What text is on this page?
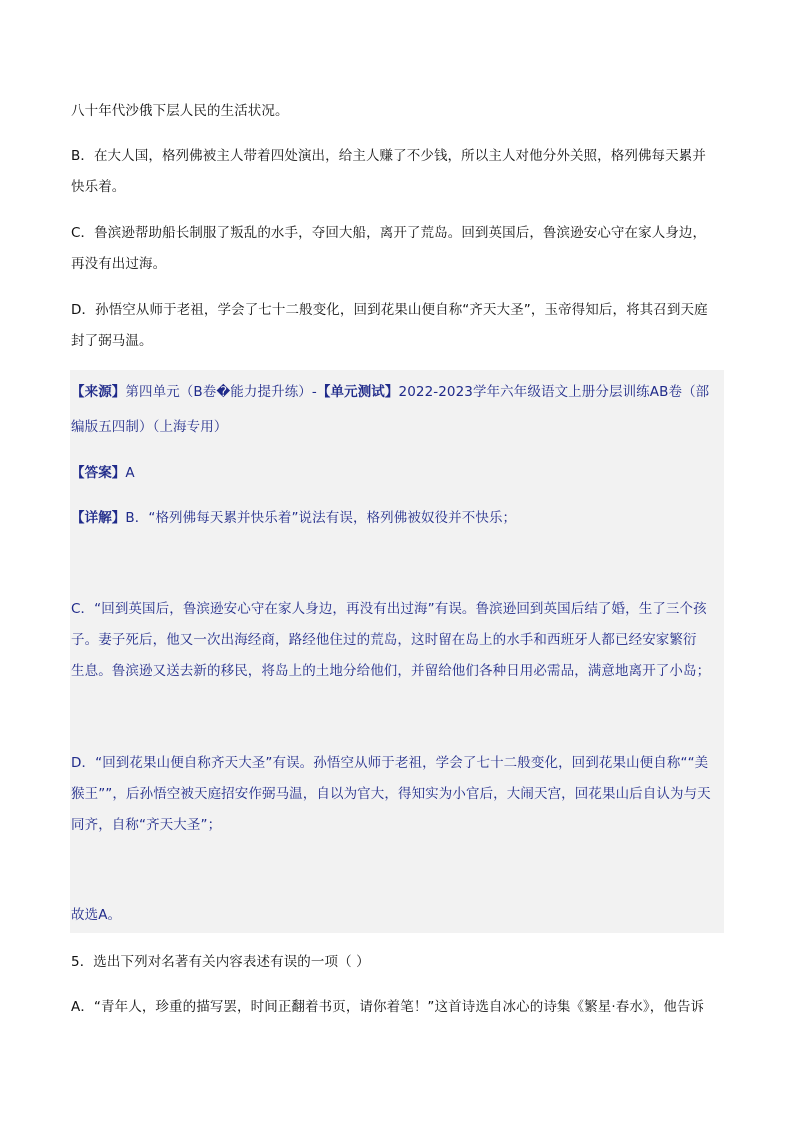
八十年代沙俄下层人民的生活状况。
B．在大人国，格列佛被主人带着四处演出，给主人赚了不少钱，所以主人对他分外关照，格列佛每天累并
快乐着。
C．鲁滨逊帮助船长制服了叛乱的水手，夺回大船，离开了荒岛。回到英国后，鲁滨逊安心守在家人身边，
再没有出过海。
D．孙悟空从师于老祖，学会了七十二般变化，回到花果山便自称“齐天大圣”，玉帝得知后，将其召到天庭
封了弼马温。
【来源】第四单元（B卷�能力提升练）-【单元测试】2022-2023学年六年级语文上册分层训练AB卷（部
编版五四制）（上海专用）
【答案】A
【详解】B．“格列佛每天累并快乐着”说法有误，格列佛被奴役并不快乐；
C．“回到英国后，鲁滨逊安心守在家人身边，再没有出过海”有误。鲁滨逊回到英国后结了婚，生了三个孩
子。妻子死后，他又一次出海经商，路经他住过的荒岛，这时留在岛上的水手和西班牙人都已经安家繁衍
生息。鲁滨逊又送去新的移民，将岛上的土地分给他们，并留给他们各种日用必需品，满意地离开了小岛；
D．“回到花果山便自称齐天大圣”有误。孙悟空从师于老祖，学会了七十二般变化，回到花果山便自称““美
猴王””，后孙悟空被天庭招安作弼马温，自以为官大，得知实为小官后，大闹天宫，回花果山后自认为与天
同齐，自称“齐天大圣”；
故选A。
5．选出下列对名著有关内容表述有误的一项（ ）
A．“青年人，珍重的描写罢，时间正翻着书页，请你着笔！”这首诗选自冰心的诗集《繁星·春水》，他告诉
